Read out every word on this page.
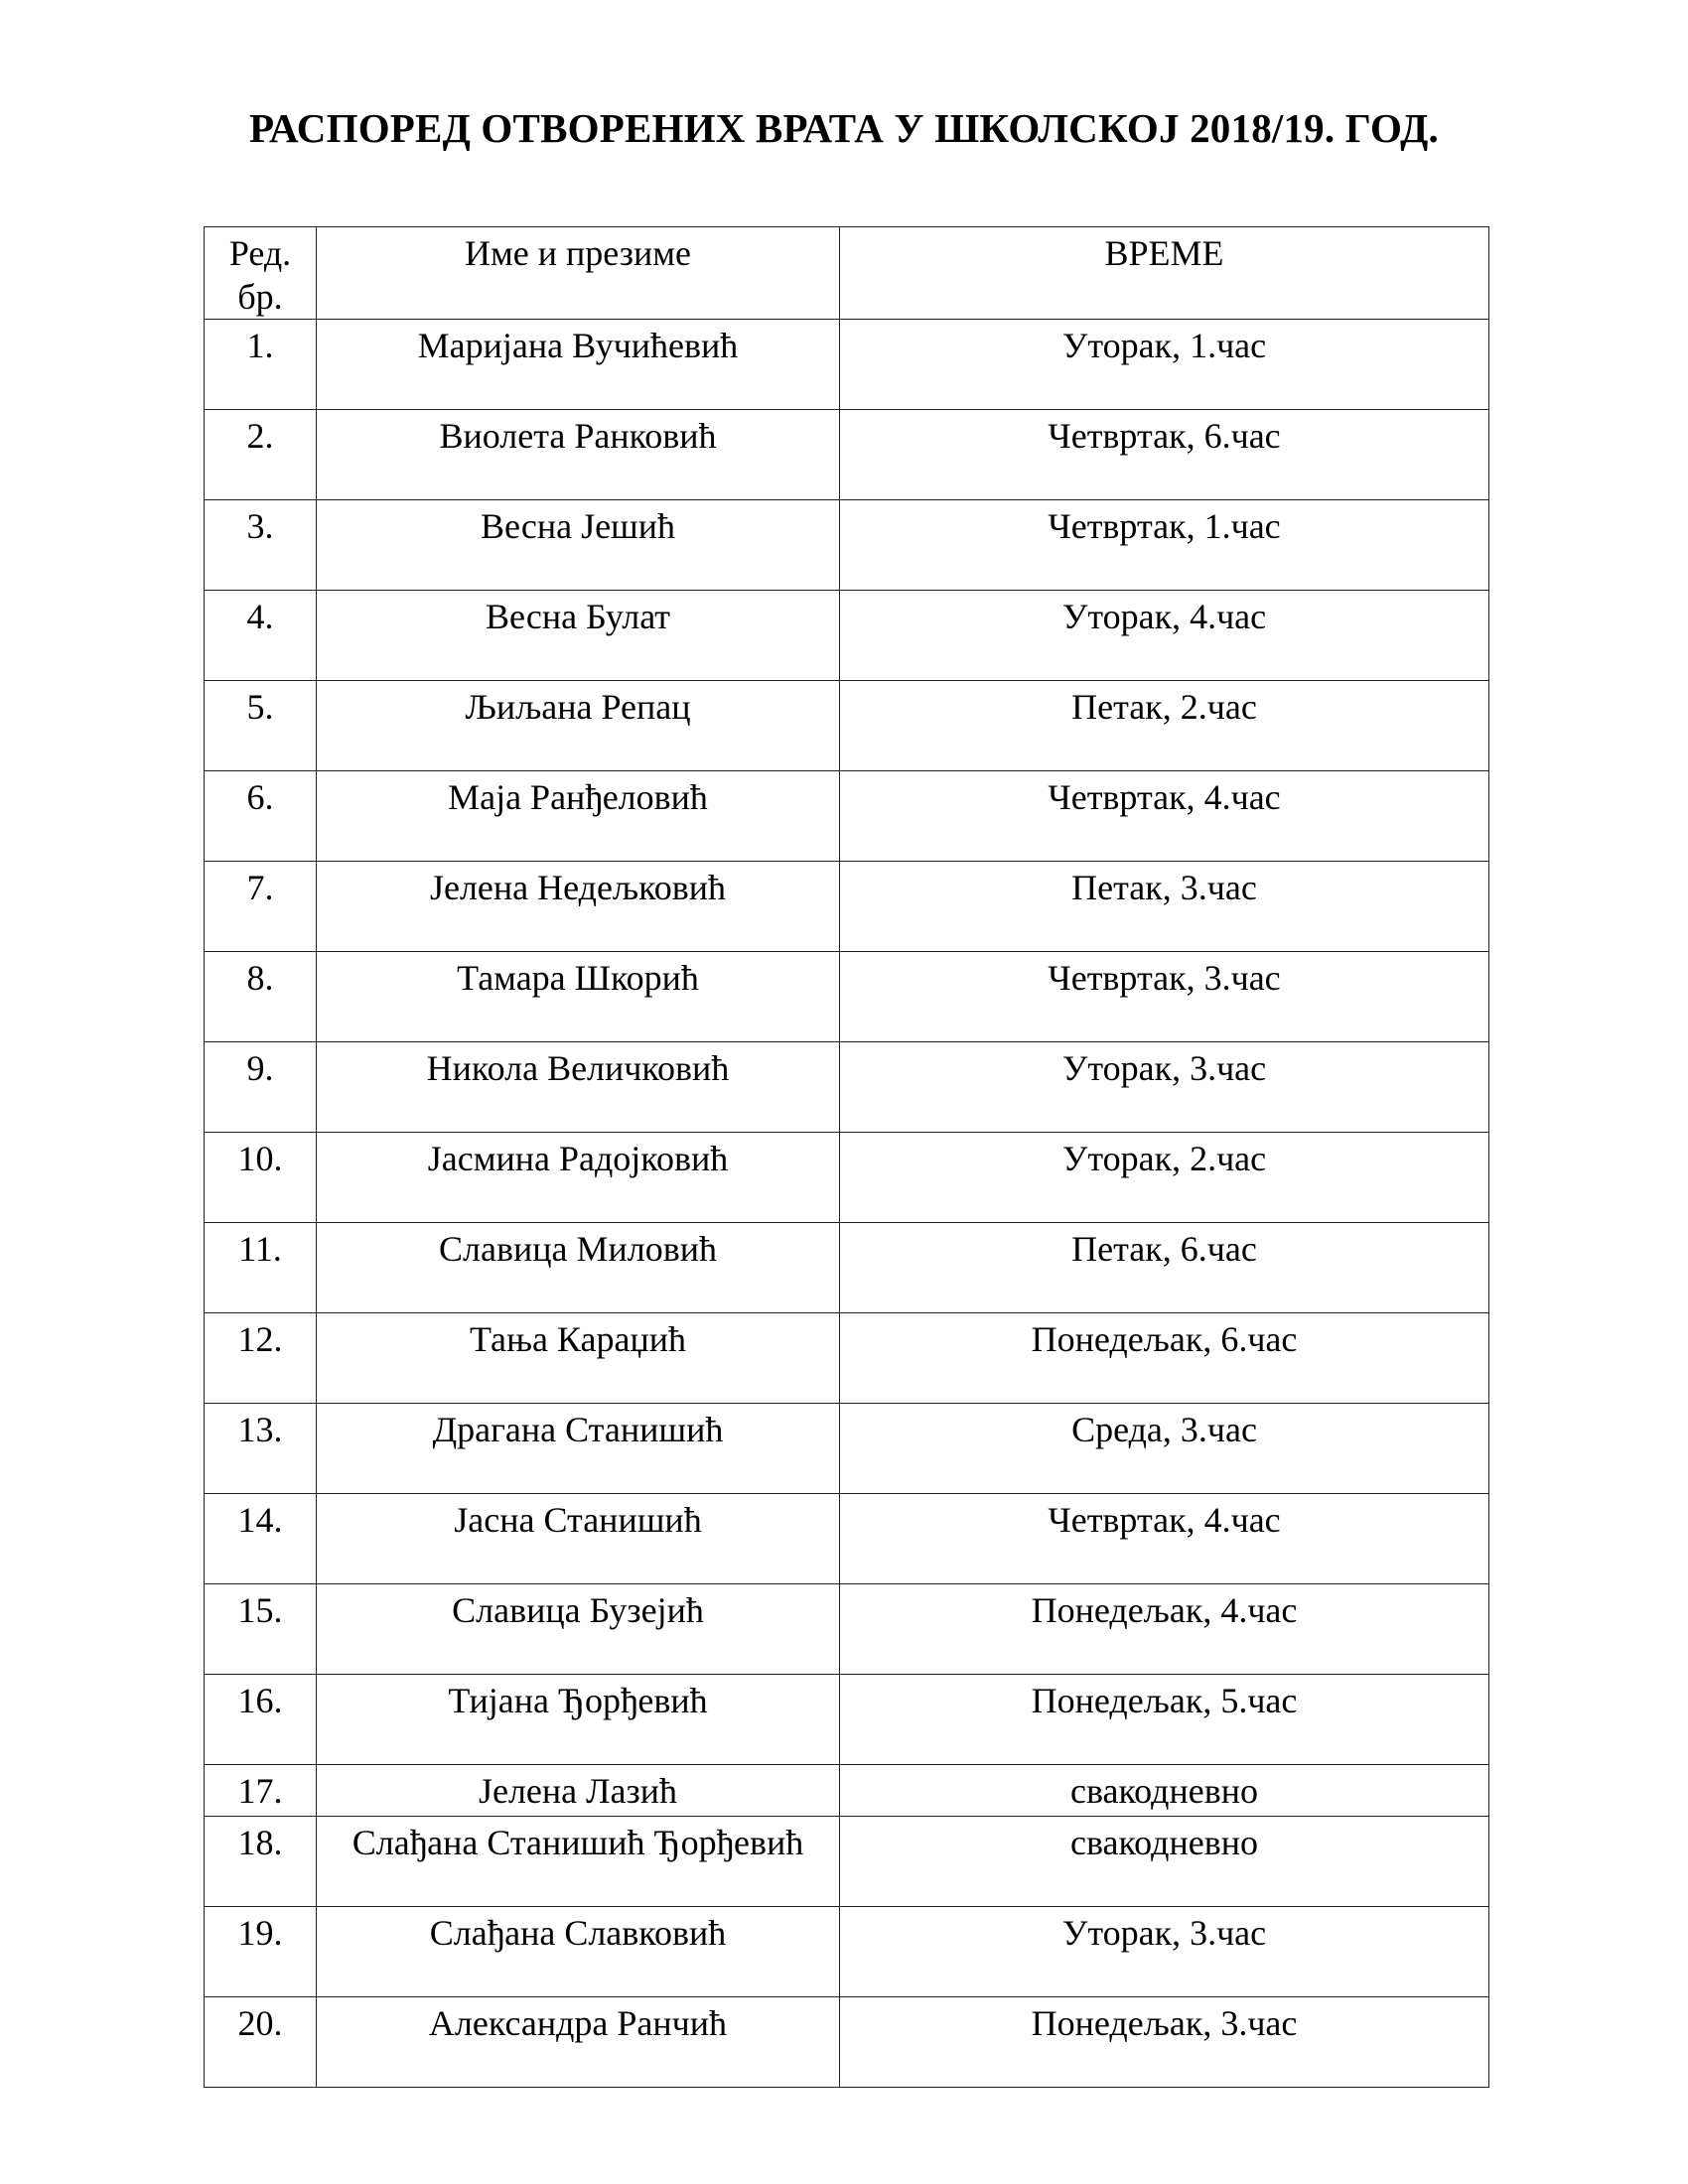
РАСПОРЕД ОТВОРЕНИХ ВРАТА У ШКОЛСКОЈ 2018/19. ГОД.
Ред. бр.	Име и презиме	ВРЕМЕ
1.	Маријана Вучићевић	Уторак, 1.час
2.	Виолета Ранковић	Четвртак, 6.час
3.	Весна Јешић	Четвртак, 1.час
4.	Весна Булат	Уторак, 4.час
5.	Љиљана Репац	Петак, 2.час
6.	Маја Ранђеловић	Четвртак, 4.час
7.	Јелена Недељковић	Петак, 3.час
8.	Тамара Шкорић	Четвртак, 3.час
9.	Никола Величковић	Уторак, 3.час
10.	Јасмина Радојковић	Уторак, 2.час
11.	Славица Миловић	Петак, 6.час
12.	Тања Караџић	Понедељак, 6.час
13.	Драгана Станишић	Среда, 3.час
14.	Јасна Станишић	Четвртак, 4.час
15.	Славица Бузејић	Понедељак, 4.час
16.	Тијана Ђорђевић	Понедељак, 5.час
17.	Јелена Лазић	свакодневно
18.	Слађана Станишић Ђорђевић	свакодневно
19.	Слађана Славковић	Уторак, 3.час
20.	Александра Ранчић	Понедељак, 3.час
